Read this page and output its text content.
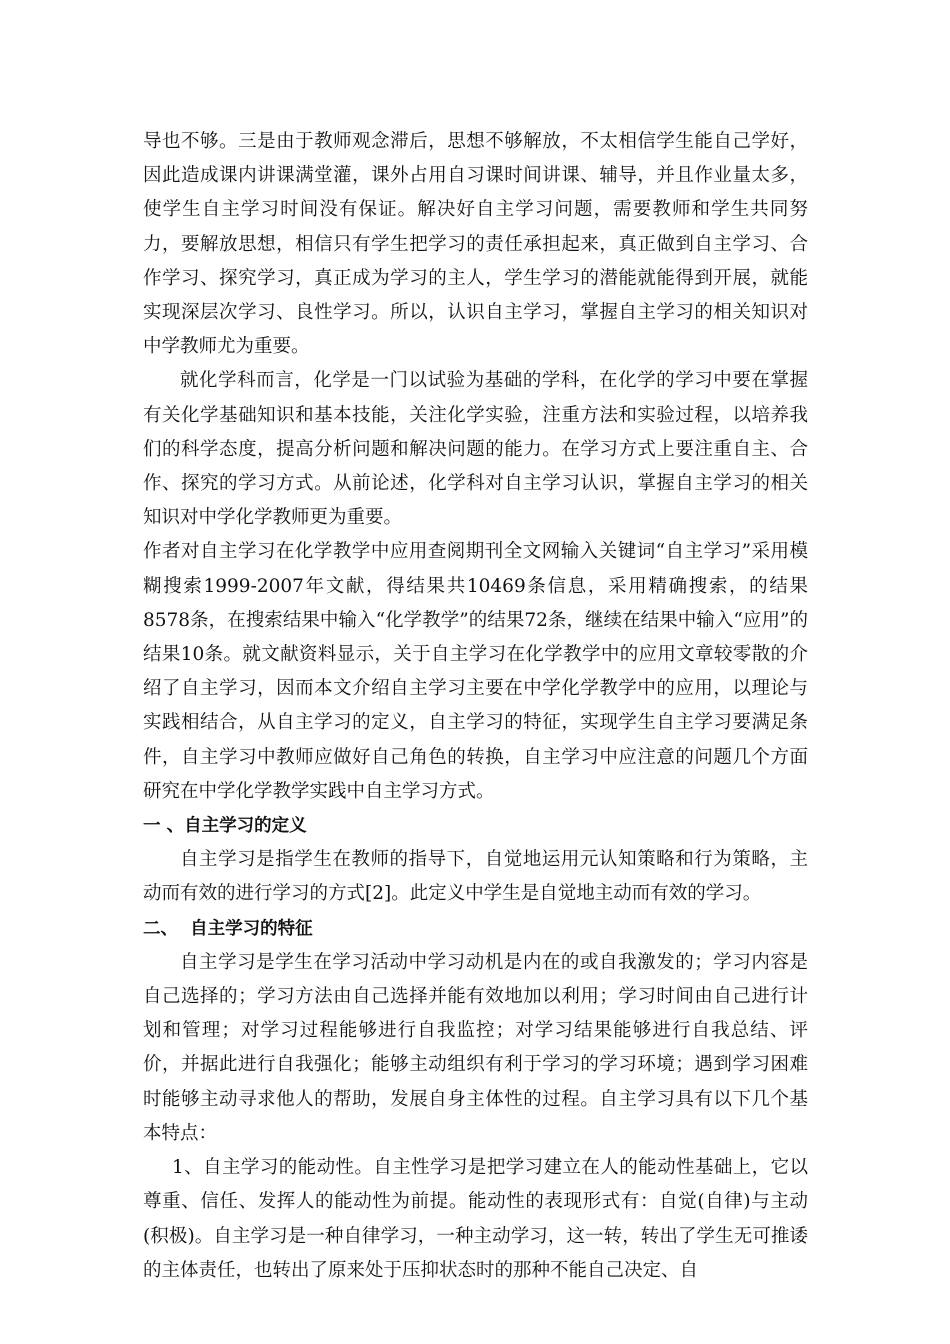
导也不够。三是由于教师观念滞后，思想不够解放，不太相信学生能自己学好，因此造成课内讲课满堂灌，课外占用自习课时间讲课、辅导，并且作业量太多，使学生自主学习时间没有保证。解决好自主学习问题，需要教师和学生共同努力，要解放思想，相信只有学生把学习的责任承担起来，真正做到自主学习、合作学习、探究学习，真正成为学习的主人，学生学习的潜能就能得到开展，就能实现深层次学习、良性学习。所以，认识自主学习，掌握自主学习的相关知识对中学教师尤为重要。

就化学科而言，化学是一门以试验为基础的学科，在化学的学习中要在掌握有关化学基础知识和基本技能，关注化学实验，注重方法和实验过程，以培养我们的科学态度，提高分析问题和解决问题的能力。在学习方式上要注重自主、合作、探究的学习方式。从前论述，化学科对自主学习认识，掌握自主学习的相关知识对中学化学教师更为重要。

作者对自主学习在化学教学中应用查阅期刊全文网输入关键词“自主学习”采用模糊搜索1999-2007年文献，得结果共10469条信息，采用精确搜索，的结果8578条，在搜索结果中输入“化学教学”的结果72条，继续在结果中输入“应用”的结果10条。就文献资料显示，关于自主学习在化学教学中的应用文章较零散的介绍了自主学习，因而本文介绍自主学习主要在中学化学教学中的应用，以理论与实践相结合，从自主学习的定义，自主学习的特征，实现学生自主学习要满足条件，自主学习中教师应做好自己角色的转换，自主学习中应注意的问题几个方面研究在中学化学教学实践中自主学习方式。

一 、自主学习的定义

自主学习是指学生在教师的指导下，自觉地运用元认知策略和行为策略，主动而有效的进行学习的方式[2]。此定义中学生是自觉地主动而有效的学习。

二、  自主学习的特征

自主学习是学生在学习活动中学习动机是内在的或自我激发的；学习内容是自己选择的；学习方法由自己选择并能有效地加以利用；学习时间由自己进行计划和管理；对学习过程能够进行自我监控；对学习结果能够进行自我总结、评价，并据此进行自我强化；能够主动组织有利于学习的学习环境；遇到学习困难时能够主动寻求他人的帮助，发展自身主体性的过程。自主学习具有以下几个基本特点：

1、自主学习的能动性。自主性学习是把学习建立在人的能动性基础上，它以尊重、信任、发挥人的能动性为前提。能动性的表现形式有：自觉(自律)与主动(积极)。自主学习是一种自律学习，一种主动学习，这一转，转出了学生无可推诿的主体责任，也转出了原来处于压抑状态时的那种不能自己决定、自
